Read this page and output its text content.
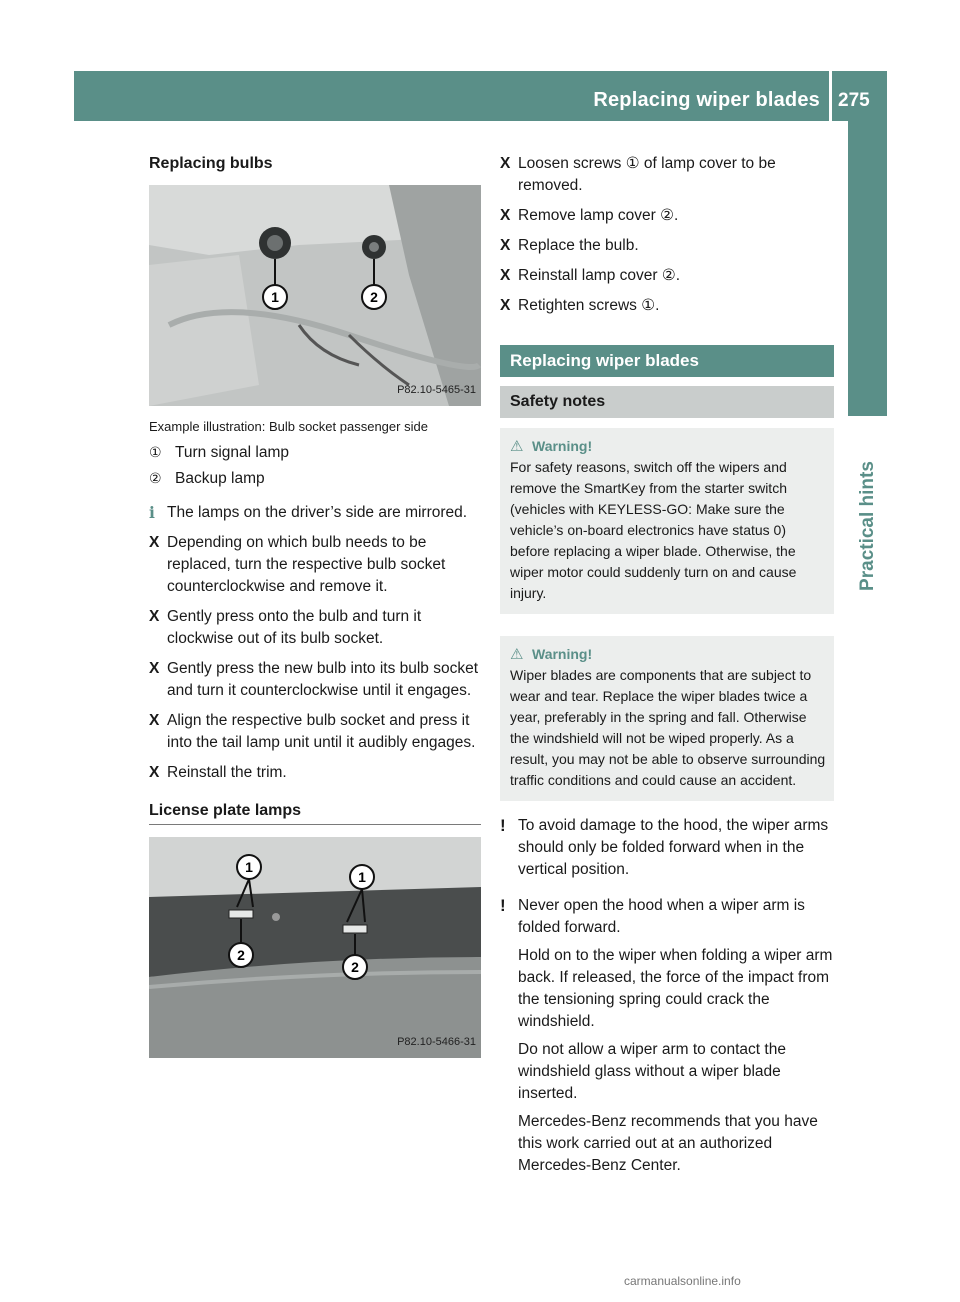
Replacing wiper blades 275
Practical hints
Replacing bulbs
1	2
P82.10-5465-31
Example illustration: Bulb socket passenger side
① Turn signal lamp
② Backup lamp
i The lamps on the driver’s side are mirrored.
X Depending on which bulb needs to be replaced, turn the respective bulb socket counterclockwise and remove it.
X Gently press onto the bulb and turn it clockwise out of its bulb socket.
X Gently press the new bulb into its bulb socket and turn it counterclockwise until it engages.
X Align the respective bulb socket and press it into the tail lamp unit until it audibly engages.
X Reinstall the trim.
License plate lamps
1
1
2
2
P82.10-5466-31
X Loosen screws ① of lamp cover to be removed.
X Remove lamp cover ②.
X Replace the bulb.
X Reinstall lamp cover ②.
X Retighten screws ①.
Replacing wiper blades
Safety notes
⚠ Warning!
For safety reasons, switch off the wipers and remove the SmartKey from the starter switch (vehicles with KEYLESS-GO: Make sure the vehicle’s on-board electronics have status 0) before replacing a wiper blade. Otherwise, the wiper motor could suddenly turn on and cause injury.
⚠ Warning!
Wiper blades are components that are subject to wear and tear. Replace the wiper blades twice a year, preferably in the spring and fall. Otherwise the windshield will not be wiped properly. As a result, you may not be able to observe surrounding traffic conditions and could cause an accident.
! To avoid damage to the hood, the wiper arms should only be folded forward when in the vertical position.
! Never open the hood when a wiper arm is folded forward.
Hold on to the wiper when folding a wiper arm back. If released, the force of the impact from the tensioning spring could crack the windshield.
Do not allow a wiper arm to contact the windshield glass without a wiper blade inserted.
Mercedes-Benz recommends that you have this work carried out at an authorized Mercedes-Benz Center.
carmanualsonline.info
